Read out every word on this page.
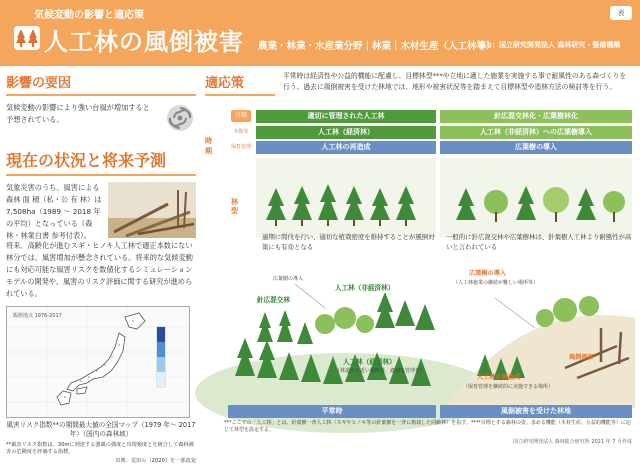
気候変動の影響と適応策
人工林の風倒被害 農業・林業・水産業分野｜林業｜木材生産（人工林等）
協力：国立研究開発法人 森林研究・整備機構
表
影響の要因
気候変動の影響により強い台風が増加すると予想されている。
現在の状況と将来予測
気象災害のうち、風害による森林 面 積（私・公 有 林）は 7,508ha（1989 ～ 2018 年の平均）となっている（森林・林業白書 参考付表）。
将来、高齢化が進むスギ・ヒノキ人工林で適正本数にない林分では、風害増加が懸念されている。将来的な気候変動にも対応可能な風害リスクを数値化するシミュレーションモデルの開発や、風害のリスク評価に関する研究が進められている。
観測地点 1976-2017
風害リスク指数**の期間最大値の全国マップ（1979 年～ 2017 年）（国内の森林域）
**風害リスク指数は、30mに到達する強風の強度と出現頻度とを統合して森林被害の危険度を評価する指標。
出典：荒田ら（2020）を一部改変
適応策	平常時は経済性や公益的機能に配慮し、目標林型***や立地に適した施業を実施する事で耐風性のある森づくりを行う。過去に風倒被害を受けた林地では、地形や被害状況等を踏まえて目標林型や造林方法の検討等を行う。
分類
本数等
保育管理
時期
林型
適切に管理された人工林	針広混交林化・広葉樹林化
人工林（経済林）	人工林（非経済林）への広葉樹導入
人工林の再造成	広葉樹の導入
適期に間伐を行い、適切な植栽密度を維持することが風倒対策にも有効となる
一般的に針広混交林や広葉樹林は、針葉樹人工林より耐風性が高いと言われている
広葉樹の導入
人工林（非経済林）
針広混交林
人工林（経済林）
（林道から近い場所等、適切な管理を）
広葉樹の導入
（人工林施業の継続が難しい場所等）
人工林の再造成
（保育管理を継続的に実施できる場所）
風倒被害
平常時	風倒被害を受けた林地
***ここでの「人工林」とは、針葉樹一斉人工林（スギやヒノキ等の針葉樹を一斉に植栽した同齢林）を指す。****目標とする森林の姿。求める機能（木材生産、公益的機能等）に応じて林型を設定する。
国立研究開発法人 森林総合研究所 2021 年 7 月作成
